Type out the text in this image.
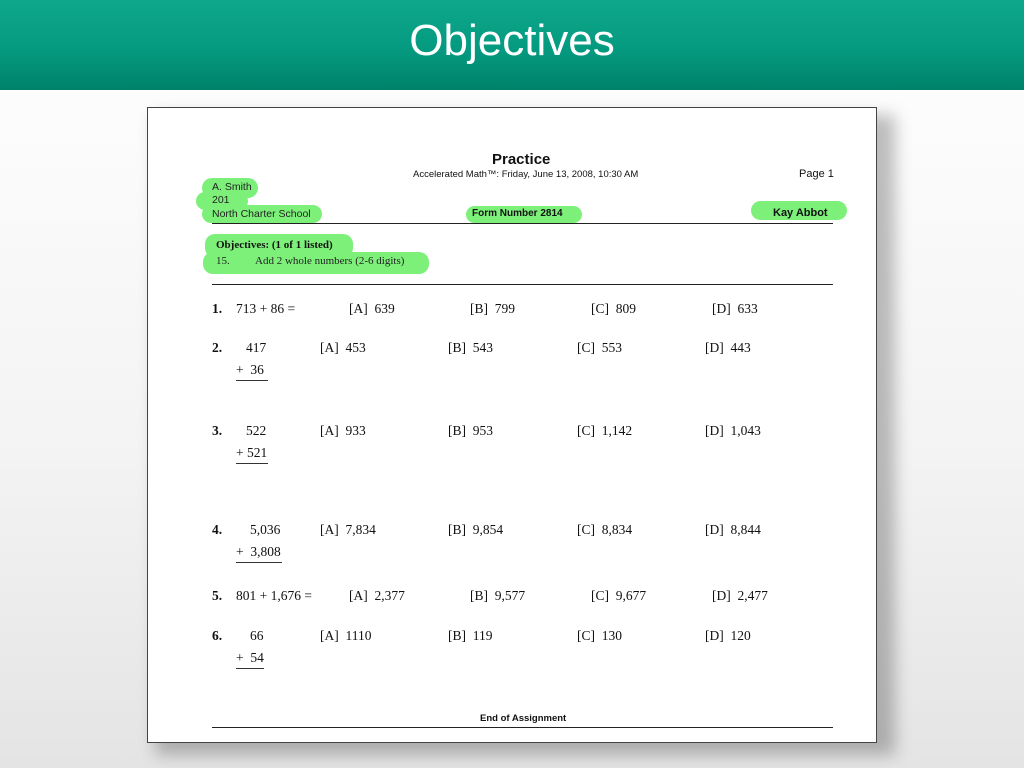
Objectives
Practice
Accelerated Math™: Friday, June 13, 2008, 10:30 AM	Page 1
A. Smith
201
North Charter School	Form Number 2814	Kay Abbot
Objectives: (1 of 1 listed)
15. Add 2 whole numbers (2-6 digits)
1. 713 + 86 =	[A]  639	[B]  799	[C]  809	[D]  633
2. 417
+  36
[A]  453	[B]  543	[C]  553	[D]  443
3. 522
+ 521
[A]  933	[B]  953	[C]  1,142	[D]  1,043
4. 5,036
+  3,808
[A]  7,834	[B]  9,854	[C]  8,834	[D]  8,844
5. 801 + 1,676 =	[A]  2,377	[B]  9,577	[C]  9,677	[D]  2,477
6. 66
+  54
[A]  1110	[B]  119	[C]  130	[D]  120
End of Assignment
